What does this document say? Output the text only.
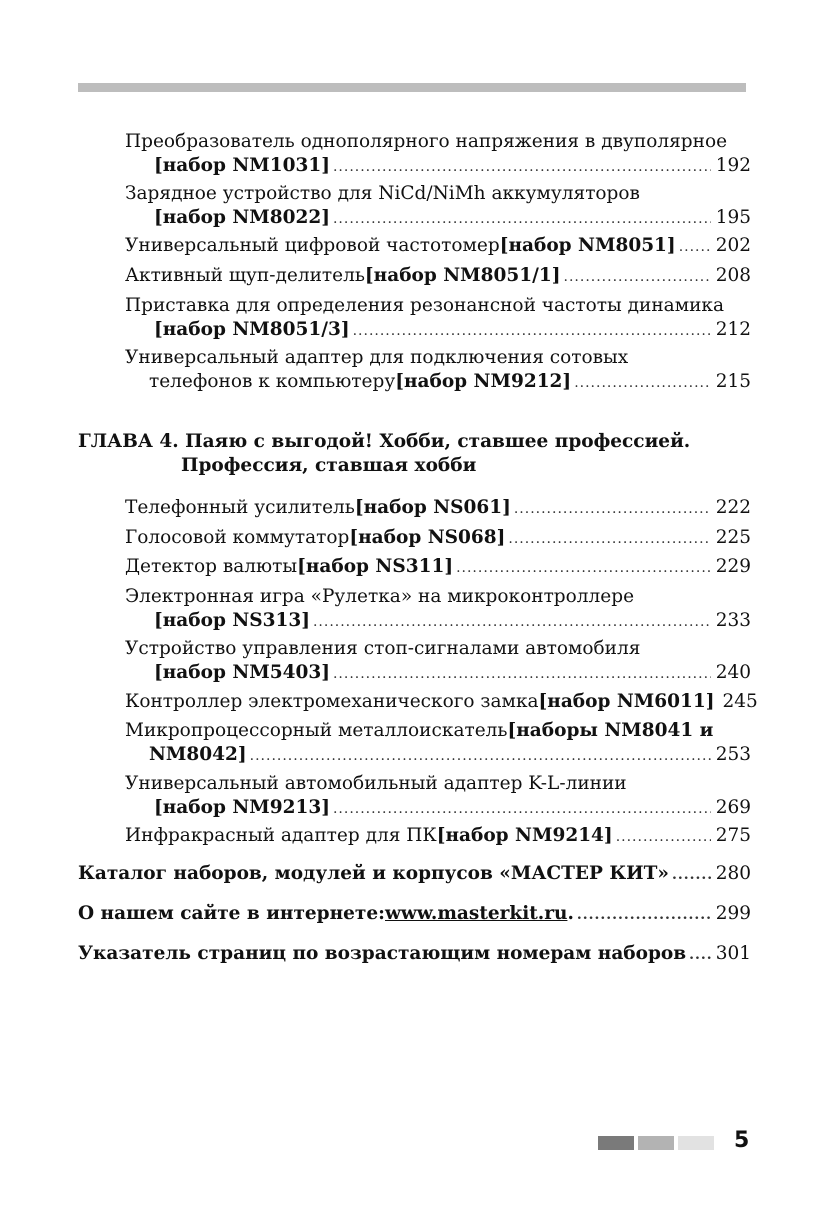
Преобразователь однополярного напряжения в двуполярное
[набор NM1031] .....	192
Зарядное устройство для NiCd/NiMh аккумуляторов
[набор NM8022] .....	195
Универсальный цифровой частотомер [набор NM8051] ..... 202
Активный щуп-делитель [набор NM8051/1] .....	208
Приставка для определения резонансной частоты динамика
[набор NM8051/3] .....	212
Универсальный адаптер для подключения сотовых
телефонов к компьютеру [набор NM9212] .....	215
ГЛАВА 4. Паяю с выгодой! Хобби, ставшее профессией.
Профессия, ставшая хобби
Телефонный усилитель [набор NS061] .....	222
Голосовой коммутатор [набор NS068] .....	225
Детектор валюты [набор NS311] .....	229
Электронная игра «Рулетка» на микроконтроллере
[набор NS313] .....	233
Устройство управления стоп-сигналами автомобиля
[набор NM5403] .....	240
Контроллер электромеханического замка [набор NM6011] 245
Микропроцессорный металлоискатель [наборы NM8041 и
NM8042] .....	253
Универсальный автомобильный адаптер K-L-линии
[набор NM9213] .....	269
Инфракрасный адаптер для ПК [набор NM9214] .....	275
Каталог наборов, модулей и корпусов «МАСТЕР КИТ» .....	280
О нашем сайте в интернете: www.masterkit.ru . .....	299
Указатель страниц по возрастающим номерам наборов ..... 301
5
